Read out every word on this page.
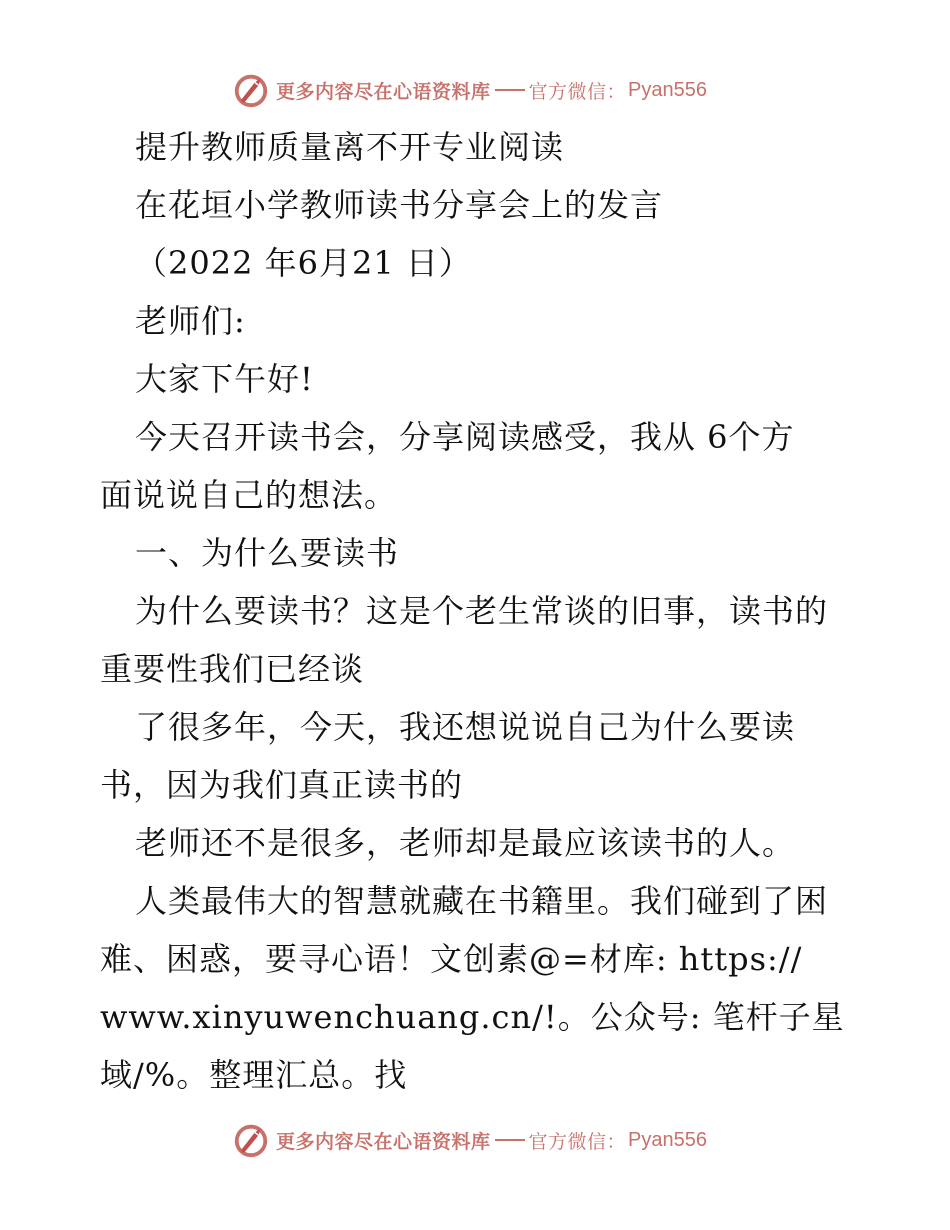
更多内容尽在心语资料库 官方微信： Pyan556
提升教师质量离不开专业阅读
在花垣小学教师读书分享会上的发言
（2022 年6月21 日）
老师们:
大家下午好!
今天召开读书会，分享阅读感受，我从 6个方
面说说自己的想法。
一、为什么要读书
为什么要读书？这是个老生常谈的旧事，读书的
重要性我们已经谈
了很多年，今天，我还想说说自己为什么要读
书，因为我们真正读书的
老师还不是很多，老师却是最应该读书的人。
人类最伟大的智慧就藏在书籍里。我们碰到了困
难、困惑，要寻心语！文创素@=材库: https://
www.xinyuwenchuang.cn/!。公众号: 笔杆子星
域/%。整理汇总。找
更多内容尽在心语资料库 官方微信： Pyan556
